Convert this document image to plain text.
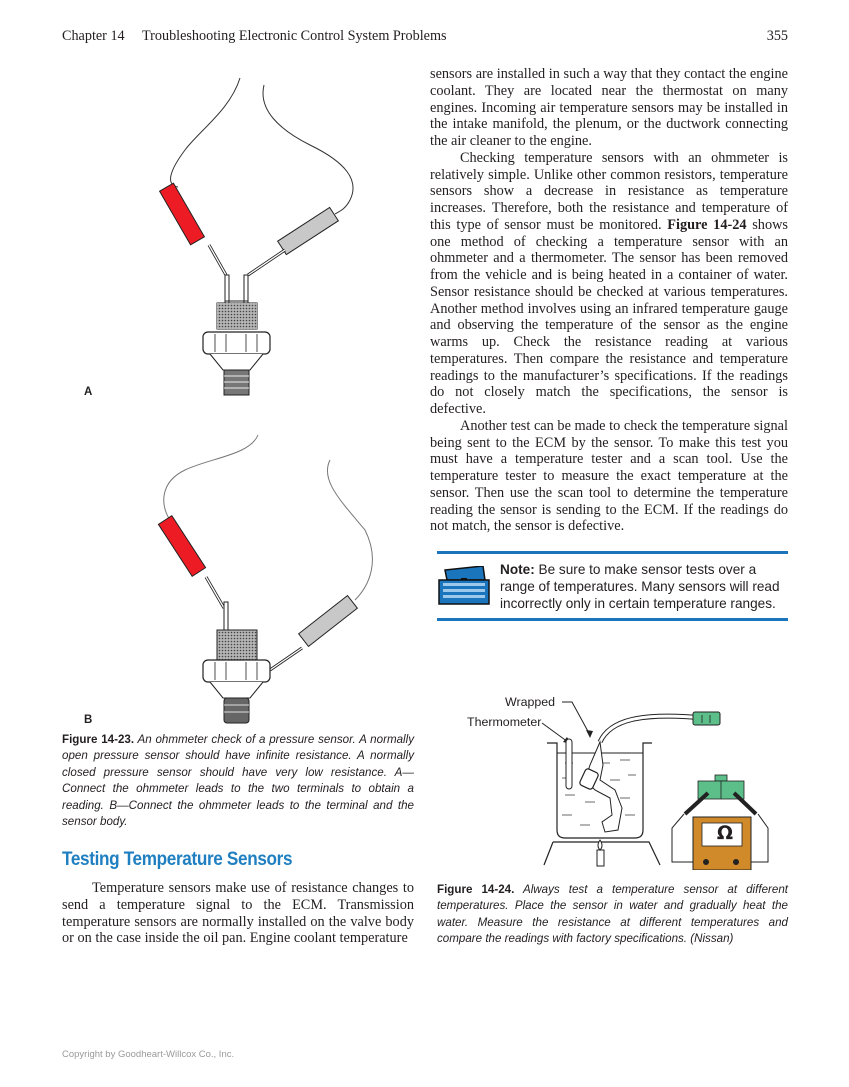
Chapter 14 Troubleshooting Electronic Control System Problems	355
A
B
Figure 14-23. An ohmmeter check of a pressure sensor. A normally open pressure sensor should have infinite resistance. A normally closed pressure sensor should have very low resistance. A—Connect the ohmmeter leads to the two terminals to obtain a reading. B—Connect the ohmmeter leads to the terminal and the sensor body.
Testing Temperature Sensors

Temperature sensors make use of resistance changes to send a temperature signal to the ECM. Transmission temperature sensors are normally installed on the valve body or on the case inside the oil pan. Engine coolant temperature

sensors are installed in such a way that they contact the engine coolant. They are located near the thermostat on many engines. Incoming air temperature sensors may be installed in the intake manifold, the plenum, or the ductwork connecting the air cleaner to the engine.

Checking temperature sensors with an ohmmeter is relatively simple. Unlike other common resistors, temperature sensors show a decrease in resistance as temperature increases. Therefore, both the resistance and temperature of this type of sensor must be monitored. Figure 14-24 shows one method of checking a temperature sensor with an ohmmeter and a thermometer. The sensor has been removed from the vehicle and is being heated in a container of water. Sensor resistance should be checked at various temperatures. Another method involves using an infrared temperature gauge and observing the temperature of the sensor as the engine warms up. Check the resistance reading at various temperatures. Then compare the resistance and temperature readings to the manufacturer’s specifications. If the readings do not closely match the specifications, the sensor is defective.

Another test can be made to check the temperature signal being sent to the ECM by the sensor. To make this test you must have a temperature tester and a scan tool. Use the temperature tester to measure the exact temperature at the sensor. Then use the scan tool to determine the temperature reading the sensor is sending to the ECM. If the readings do not match, the sensor is defective.

Note: Be sure to make sensor tests over a range of temperatures. Many sensors will read incorrectly only in certain temperature ranges.
Wrapped
Thermometer
Ω
Figure 14-24. Always test a temperature sensor at different temperatures. Place the sensor in water and gradually heat the water. Measure the resistance at different temperatures and compare the readings with factory specifications. (Nissan)
Copyright by Goodheart-Willcox Co., Inc.
